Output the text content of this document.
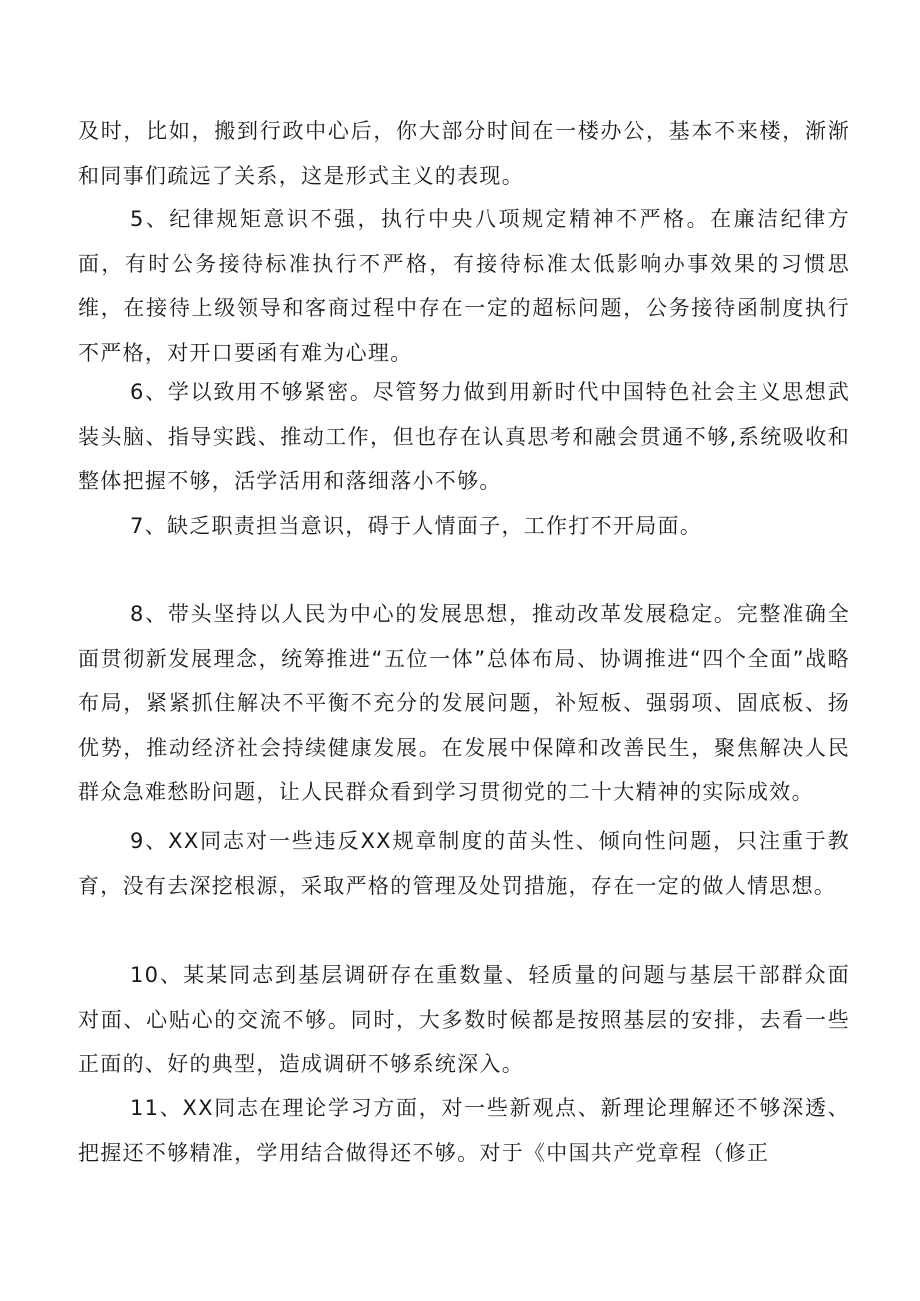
及时，比如，搬到行政中心后，你大部分时间在一楼办公，基本不来楼，渐渐和同事们疏远了关系，这是形式主义的表现。

5、纪律规矩意识不强，执行中央八项规定精神不严格。在廉洁纪律方面，有时公务接待标准执行不严格，有接待标准太低影响办事效果的习惯思维，在接待上级领导和客商过程中存在一定的超标问题，公务接待函制度执行不严格，对开口要函有难为心理。

6、学以致用不够紧密。尽管努力做到用新时代中国特色社会主义思想武装头脑、指导实践、推动工作，但也存在认真思考和融会贯通不够,系统吸收和整体把握不够，活学活用和落细落小不够。

7、缺乏职责担当意识，碍于人情面子，工作打不开局面。

8、带头坚持以人民为中心的发展思想，推动改革发展稳定。完整准确全面贯彻新发展理念，统筹推进“五位一体”总体布局、协调推进“四个全面”战略布局，紧紧抓住解决不平衡不充分的发展问题，补短板、强弱项、固底板、扬优势，推动经济社会持续健康发展。在发展中保障和改善民生，聚焦解决人民群众急难愁盼问题，让人民群众看到学习贯彻党的二十大精神的实际成效。

9、XX同志对一些违反XX规章制度的苗头性、倾向性问题，只注重于教育，没有去深挖根源，采取严格的管理及处罚措施，存在一定的做人情思想。

10、某某同志到基层调研存在重数量、轻质量的问题与基层干部群众面对面、心贴心的交流不够。同时，大多数时候都是按照基层的安排，去看一些正面的、好的典型，造成调研不够系统深入。

11、XX同志在理论学习方面，对一些新观点、新理论理解还不够深透、把握还不够精准，学用结合做得还不够。对于《中国共产党章程（修正
